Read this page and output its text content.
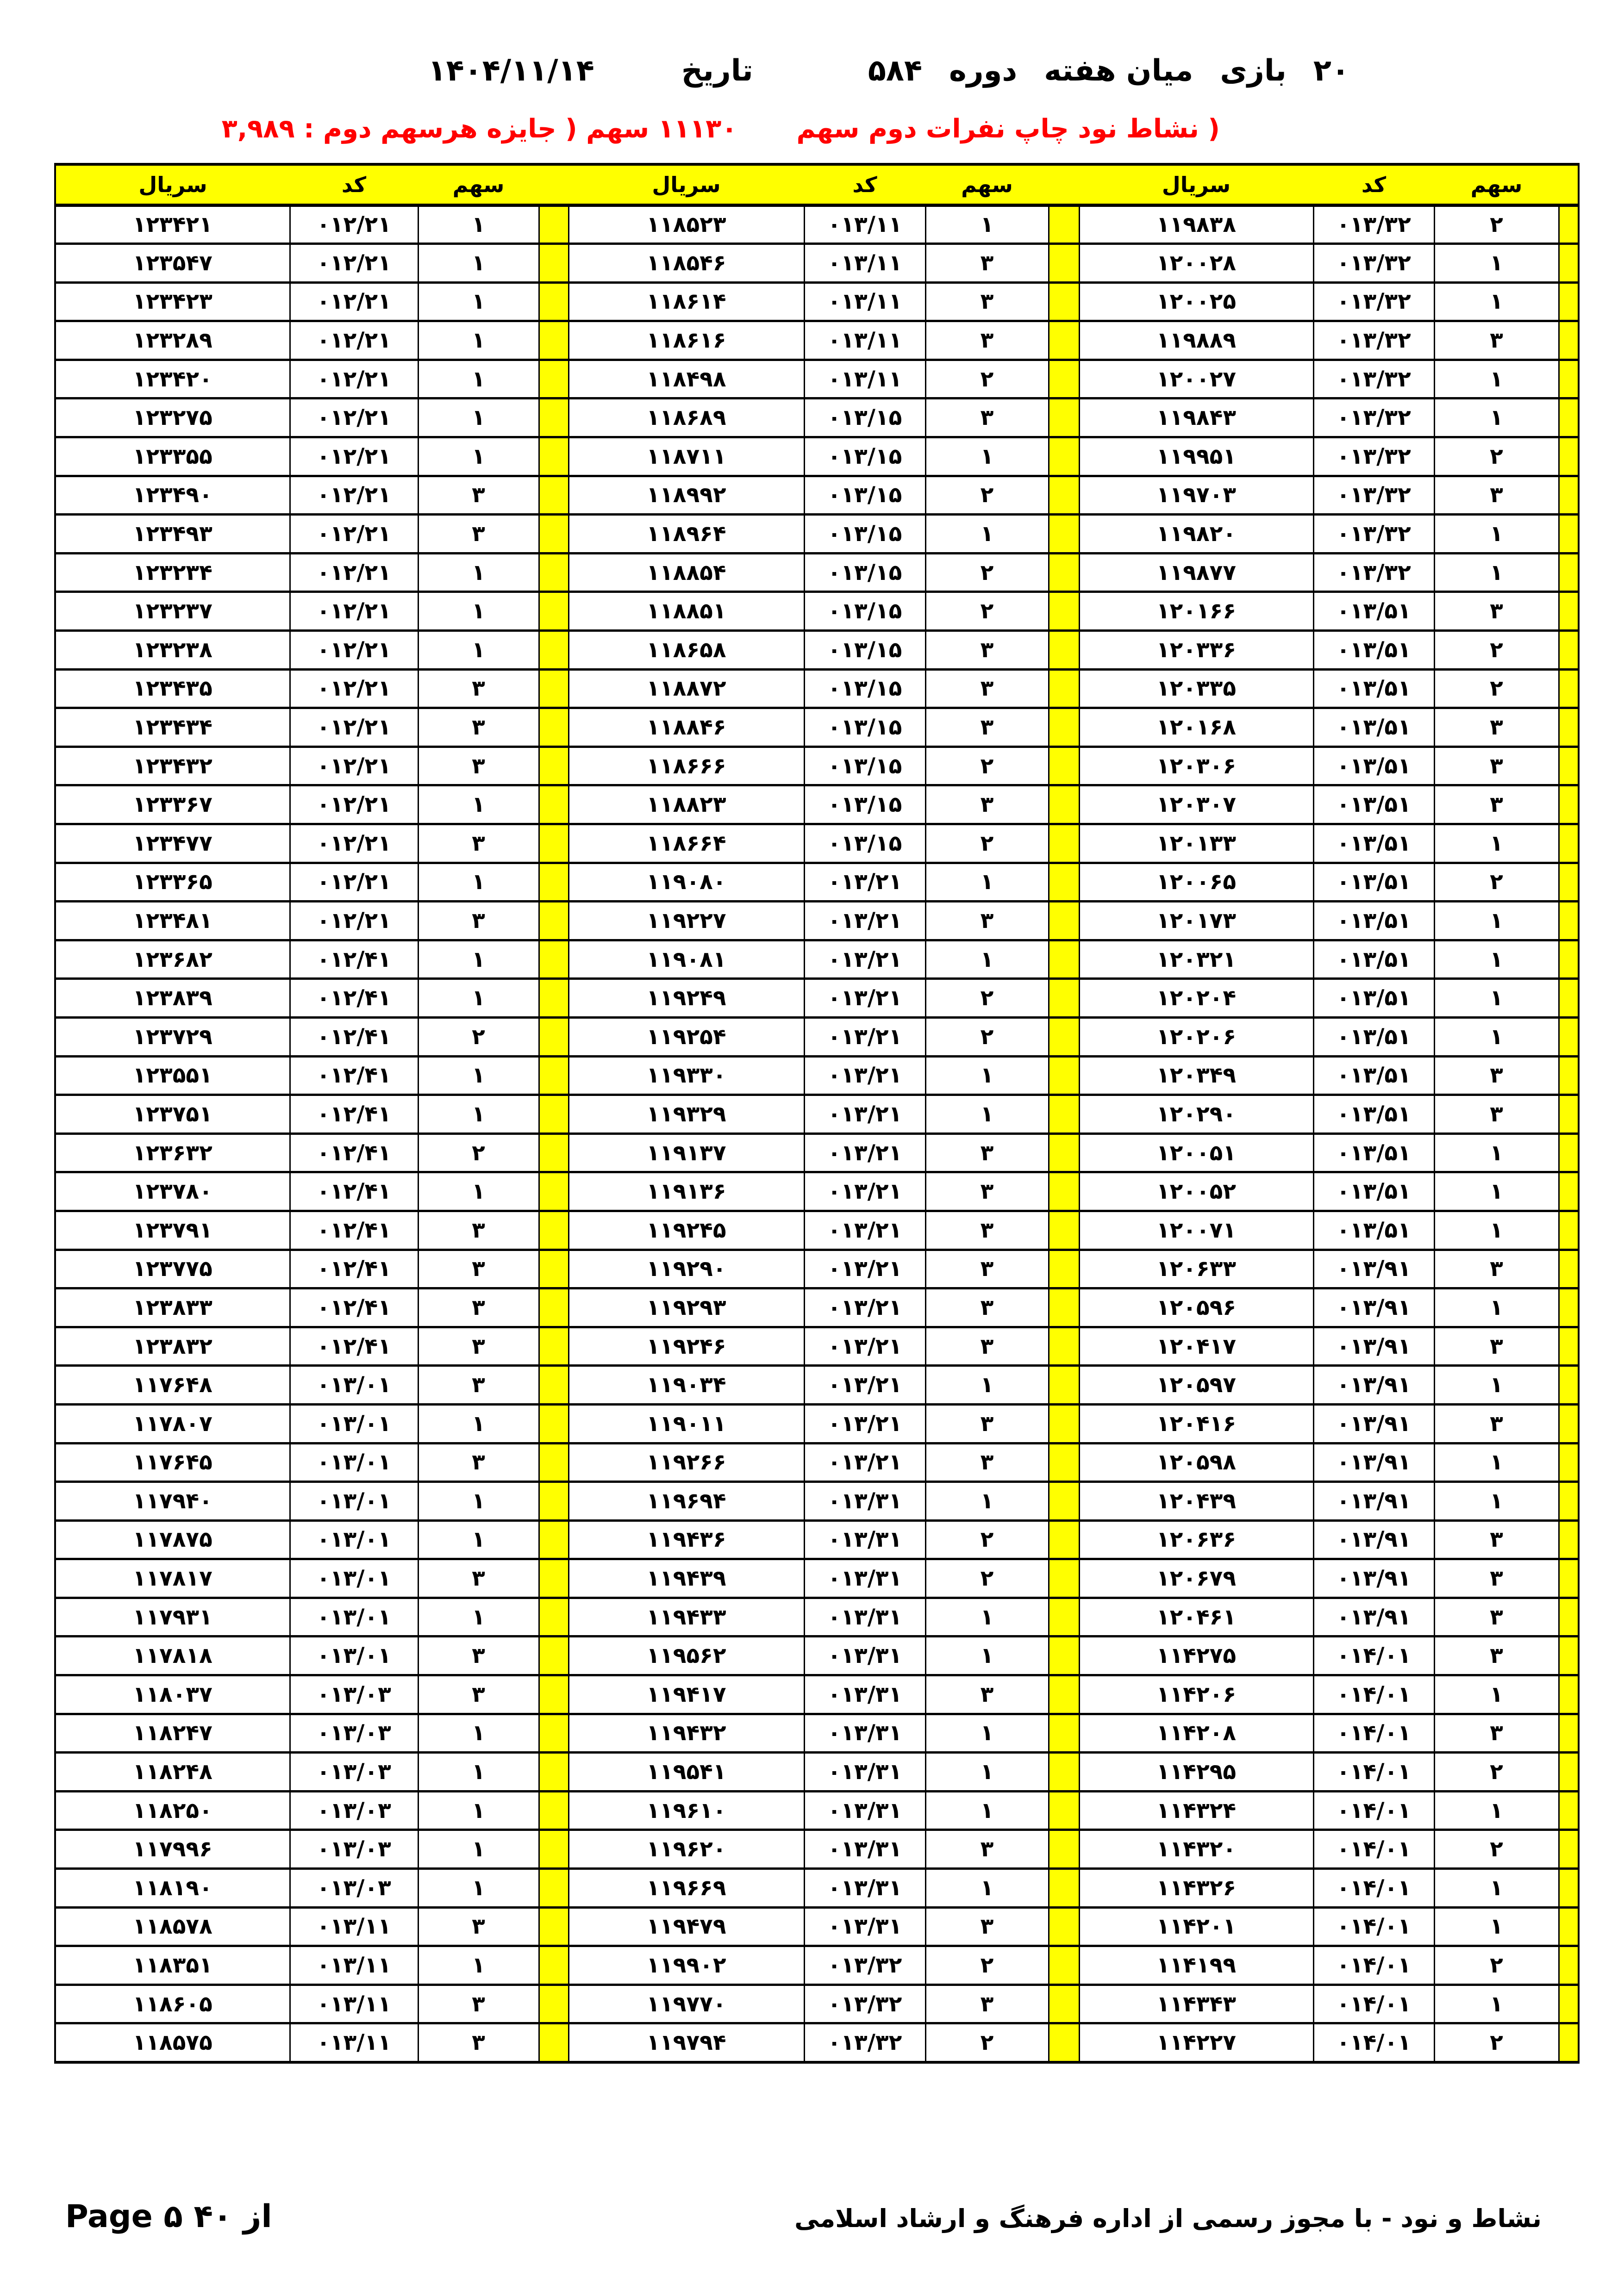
۲۰
بازی
میان هفته
دوره
۵۸۴
تاریخ
۱۴۰۴/۱۱/۱۴
( نشاط نود چاپ نفرات دوم سهم
۱۱۱۳۰ سهم ( جایزه هرسهم دوم : ۳,۹۸۹
سریال	کد	سهم		سریال	کد	سهم		سریال	کد	سهم	
۱۲۳۴۲۱	۰۱۲/۲۱	۱		۱۱۸۵۲۳	۰۱۳/۱۱	۱		۱۱۹۸۳۸	۰۱۳/۳۲	۲	
۱۲۳۵۴۷	۰۱۲/۲۱	۱		۱۱۸۵۴۶	۰۱۳/۱۱	۳		۱۲۰۰۲۸	۰۱۳/۳۲	۱	
۱۲۳۴۲۳	۰۱۲/۲۱	۱		۱۱۸۶۱۴	۰۱۳/۱۱	۳		۱۲۰۰۲۵	۰۱۳/۳۲	۱	
۱۲۳۲۸۹	۰۱۲/۲۱	۱		۱۱۸۶۱۶	۰۱۳/۱۱	۳		۱۱۹۸۸۹	۰۱۳/۳۲	۳	
۱۲۳۴۲۰	۰۱۲/۲۱	۱		۱۱۸۴۹۸	۰۱۳/۱۱	۲		۱۲۰۰۲۷	۰۱۳/۳۲	۱	
۱۲۳۲۷۵	۰۱۲/۲۱	۱		۱۱۸۶۸۹	۰۱۳/۱۵	۳		۱۱۹۸۴۳	۰۱۳/۳۲	۱	
۱۲۳۳۵۵	۰۱۲/۲۱	۱		۱۱۸۷۱۱	۰۱۳/۱۵	۱		۱۱۹۹۵۱	۰۱۳/۳۲	۲	
۱۲۳۴۹۰	۰۱۲/۲۱	۳		۱۱۸۹۹۲	۰۱۳/۱۵	۲		۱۱۹۷۰۳	۰۱۳/۳۲	۳	
۱۲۳۴۹۳	۰۱۲/۲۱	۳		۱۱۸۹۶۴	۰۱۳/۱۵	۱		۱۱۹۸۲۰	۰۱۳/۳۲	۱	
۱۲۳۲۳۴	۰۱۲/۲۱	۱		۱۱۸۸۵۴	۰۱۳/۱۵	۲		۱۱۹۸۷۷	۰۱۳/۳۲	۱	
۱۲۳۲۳۷	۰۱۲/۲۱	۱		۱۱۸۸۵۱	۰۱۳/۱۵	۲		۱۲۰۱۶۶	۰۱۳/۵۱	۳	
۱۲۳۲۳۸	۰۱۲/۲۱	۱		۱۱۸۶۵۸	۰۱۳/۱۵	۳		۱۲۰۳۳۶	۰۱۳/۵۱	۲	
۱۲۳۴۳۵	۰۱۲/۲۱	۳		۱۱۸۸۷۲	۰۱۳/۱۵	۳		۱۲۰۳۳۵	۰۱۳/۵۱	۲	
۱۲۳۴۳۴	۰۱۲/۲۱	۳		۱۱۸۸۴۶	۰۱۳/۱۵	۳		۱۲۰۱۶۸	۰۱۳/۵۱	۳	
۱۲۳۴۳۲	۰۱۲/۲۱	۳		۱۱۸۶۶۶	۰۱۳/۱۵	۲		۱۲۰۳۰۶	۰۱۳/۵۱	۳	
۱۲۳۳۶۷	۰۱۲/۲۱	۱		۱۱۸۸۲۳	۰۱۳/۱۵	۳		۱۲۰۳۰۷	۰۱۳/۵۱	۳	
۱۲۳۴۷۷	۰۱۲/۲۱	۳		۱۱۸۶۶۴	۰۱۳/۱۵	۲		۱۲۰۱۳۳	۰۱۳/۵۱	۱	
۱۲۳۳۶۵	۰۱۲/۲۱	۱		۱۱۹۰۸۰	۰۱۳/۲۱	۱		۱۲۰۰۶۵	۰۱۳/۵۱	۲	
۱۲۳۴۸۱	۰۱۲/۲۱	۳		۱۱۹۲۲۷	۰۱۳/۲۱	۳		۱۲۰۱۷۳	۰۱۳/۵۱	۱	
۱۲۳۶۸۲	۰۱۲/۴۱	۱		۱۱۹۰۸۱	۰۱۳/۲۱	۱		۱۲۰۳۲۱	۰۱۳/۵۱	۱	
۱۲۳۸۳۹	۰۱۲/۴۱	۱		۱۱۹۲۴۹	۰۱۳/۲۱	۲		۱۲۰۲۰۴	۰۱۳/۵۱	۱	
۱۲۳۷۲۹	۰۱۲/۴۱	۲		۱۱۹۲۵۴	۰۱۳/۲۱	۲		۱۲۰۲۰۶	۰۱۳/۵۱	۱	
۱۲۳۵۵۱	۰۱۲/۴۱	۱		۱۱۹۳۳۰	۰۱۳/۲۱	۱		۱۲۰۳۴۹	۰۱۳/۵۱	۳	
۱۲۳۷۵۱	۰۱۲/۴۱	۱		۱۱۹۳۲۹	۰۱۳/۲۱	۱		۱۲۰۲۹۰	۰۱۳/۵۱	۳	
۱۲۳۶۳۲	۰۱۲/۴۱	۲		۱۱۹۱۳۷	۰۱۳/۲۱	۳		۱۲۰۰۵۱	۰۱۳/۵۱	۱	
۱۲۳۷۸۰	۰۱۲/۴۱	۱		۱۱۹۱۳۶	۰۱۳/۲۱	۳		۱۲۰۰۵۲	۰۱۳/۵۱	۱	
۱۲۳۷۹۱	۰۱۲/۴۱	۳		۱۱۹۲۴۵	۰۱۳/۲۱	۳		۱۲۰۰۷۱	۰۱۳/۵۱	۱	
۱۲۳۷۷۵	۰۱۲/۴۱	۳		۱۱۹۲۹۰	۰۱۳/۲۱	۳		۱۲۰۶۳۳	۰۱۳/۹۱	۳	
۱۲۳۸۳۳	۰۱۲/۴۱	۳		۱۱۹۲۹۳	۰۱۳/۲۱	۳		۱۲۰۵۹۶	۰۱۳/۹۱	۱	
۱۲۳۸۳۲	۰۱۲/۴۱	۳		۱۱۹۲۴۶	۰۱۳/۲۱	۳		۱۲۰۴۱۷	۰۱۳/۹۱	۳	
۱۱۷۶۴۸	۰۱۳/۰۱	۳		۱۱۹۰۳۴	۰۱۳/۲۱	۱		۱۲۰۵۹۷	۰۱۳/۹۱	۱	
۱۱۷۸۰۷	۰۱۳/۰۱	۱		۱۱۹۰۱۱	۰۱۳/۲۱	۳		۱۲۰۴۱۶	۰۱۳/۹۱	۳	
۱۱۷۶۴۵	۰۱۳/۰۱	۳		۱۱۹۲۶۶	۰۱۳/۲۱	۳		۱۲۰۵۹۸	۰۱۳/۹۱	۱	
۱۱۷۹۴۰	۰۱۳/۰۱	۱		۱۱۹۶۹۴	۰۱۳/۳۱	۱		۱۲۰۴۳۹	۰۱۳/۹۱	۱	
۱۱۷۸۷۵	۰۱۳/۰۱	۱		۱۱۹۴۳۶	۰۱۳/۳۱	۲		۱۲۰۶۳۶	۰۱۳/۹۱	۳	
۱۱۷۸۱۷	۰۱۳/۰۱	۳		۱۱۹۴۳۹	۰۱۳/۳۱	۲		۱۲۰۶۷۹	۰۱۳/۹۱	۳	
۱۱۷۹۳۱	۰۱۳/۰۱	۱		۱۱۹۴۳۳	۰۱۳/۳۱	۱		۱۲۰۴۶۱	۰۱۳/۹۱	۳	
۱۱۷۸۱۸	۰۱۳/۰۱	۳		۱۱۹۵۶۲	۰۱۳/۳۱	۱		۱۱۴۲۷۵	۰۱۴/۰۱	۳	
۱۱۸۰۳۷	۰۱۳/۰۳	۳		۱۱۹۴۱۷	۰۱۳/۳۱	۳		۱۱۴۲۰۶	۰۱۴/۰۱	۱	
۱۱۸۲۴۷	۰۱۳/۰۳	۱		۱۱۹۴۳۲	۰۱۳/۳۱	۱		۱۱۴۲۰۸	۰۱۴/۰۱	۳	
۱۱۸۲۴۸	۰۱۳/۰۳	۱		۱۱۹۵۴۱	۰۱۳/۳۱	۱		۱۱۴۲۹۵	۰۱۴/۰۱	۲	
۱۱۸۲۵۰	۰۱۳/۰۳	۱		۱۱۹۶۱۰	۰۱۳/۳۱	۱		۱۱۴۳۲۴	۰۱۴/۰۱	۱	
۱۱۷۹۹۶	۰۱۳/۰۳	۱		۱۱۹۶۲۰	۰۱۳/۳۱	۳		۱۱۴۳۲۰	۰۱۴/۰۱	۲	
۱۱۸۱۹۰	۰۱۳/۰۳	۱		۱۱۹۶۶۹	۰۱۳/۳۱	۱		۱۱۴۳۲۶	۰۱۴/۰۱	۱	
۱۱۸۵۷۸	۰۱۳/۱۱	۳		۱۱۹۴۷۹	۰۱۳/۳۱	۳		۱۱۴۲۰۱	۰۱۴/۰۱	۱	
۱۱۸۳۵۱	۰۱۳/۱۱	۱		۱۱۹۹۰۲	۰۱۳/۳۲	۲		۱۱۴۱۹۹	۰۱۴/۰۱	۲	
۱۱۸۶۰۵	۰۱۳/۱۱	۳		۱۱۹۷۷۰	۰۱۳/۳۲	۳		۱۱۴۳۴۳	۰۱۴/۰۱	۱	
۱۱۸۵۷۵	۰۱۳/۱۱	۳		۱۱۹۷۹۴	۰۱۳/۳۲	۲		۱۱۴۲۲۷	۰۱۴/۰۱	۲	
نشاط و نود - با مجوز رسمی از اداره فرهنگ و ارشاد اسلامی
Page ۵ از ۴۰
